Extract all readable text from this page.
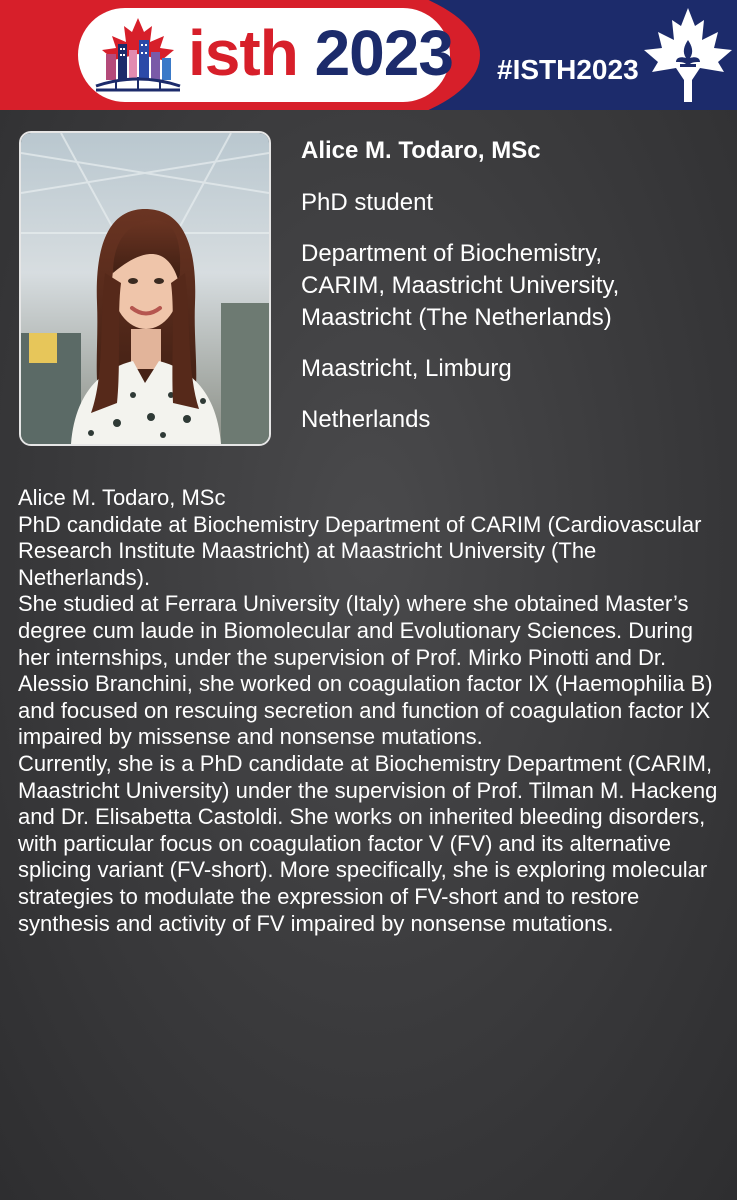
isth 2023 #ISTH2023
Alice M. Todaro, MSc
PhD student
Department of Biochemistry,
CARIM, Maastricht University,
Maastricht (The Netherlands)
Maastricht, Limburg
Netherlands

Alice M. Todaro, MSc

PhD candidate at Biochemistry Department of CARIM (Cardiovascular Research Institute Maastricht) at Maastricht University (The Netherlands).

She studied at Ferrara University (Italy) where she obtained Master’s degree cum laude in Biomolecular and Evolutionary Sciences. During her internships, under the supervision of Prof. Mirko Pinotti and Dr. Alessio Branchini, she worked on coagulation factor IX (Haemophilia B) and focused on rescuing secretion and function of coagulation factor IX impaired by missense and nonsense mutations.

Currently, she is a PhD candidate at Biochemistry Department (CARIM, Maastricht University) under the supervision of Prof. Tilman M. Hackeng and Dr. Elisabetta Castoldi. She works on inherited bleeding disorders, with particular focus on coagulation factor V (FV) and its alternative splicing variant (FV-short). More specifically, she is exploring molecular strategies to modulate the expression of FV-short and to restore synthesis and activity of FV impaired by nonsense mutations.
